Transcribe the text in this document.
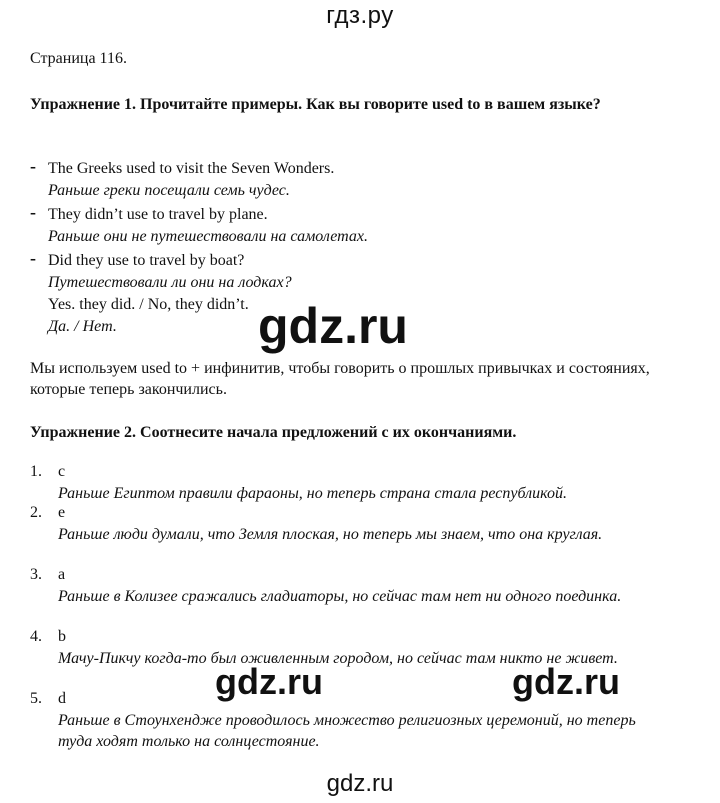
гдз.ру
Страница 116.
Упражнение 1. Прочитайте примеры. Как вы говорите used to в вашем языке?
- The Greeks used to visit the Seven Wonders.
Раньше греки посещали семь чудес.
- They didn’t use to travel by plane.
Раньше они не путешествовали на самолетах.
- Did they use to travel by boat?
Путешествовали ли они на лодках?
Yes. they did. / No, they didn’t.
Да. / Нет.	gdz.ru
Мы используем used to + инфинитив, чтобы говорить о прошлых привычках и состояниях, которые теперь закончились.
Упражнение 2. Соотнесите начала предложений с их окончаниями.
1. c
Раньше Египтом правили фараоны, но теперь страна стала республикой.
2. e
Раньше люди думали, что Земля плоская, но теперь мы знаем, что она круглая.
3. a
Раньше в Колизее сражались гладиаторы, но сейчас там нет ни одного поединка.
4. b
Мачу-Пикчу когда-то был оживленным городом, но сейчас там никто не живет.
5. d
Раньше в Стоунхендже проводилось множество религиозных церемоний, но теперь туда ходят только на солнцестояние.
gdz.ru	gdz.ru
gdz.ru
